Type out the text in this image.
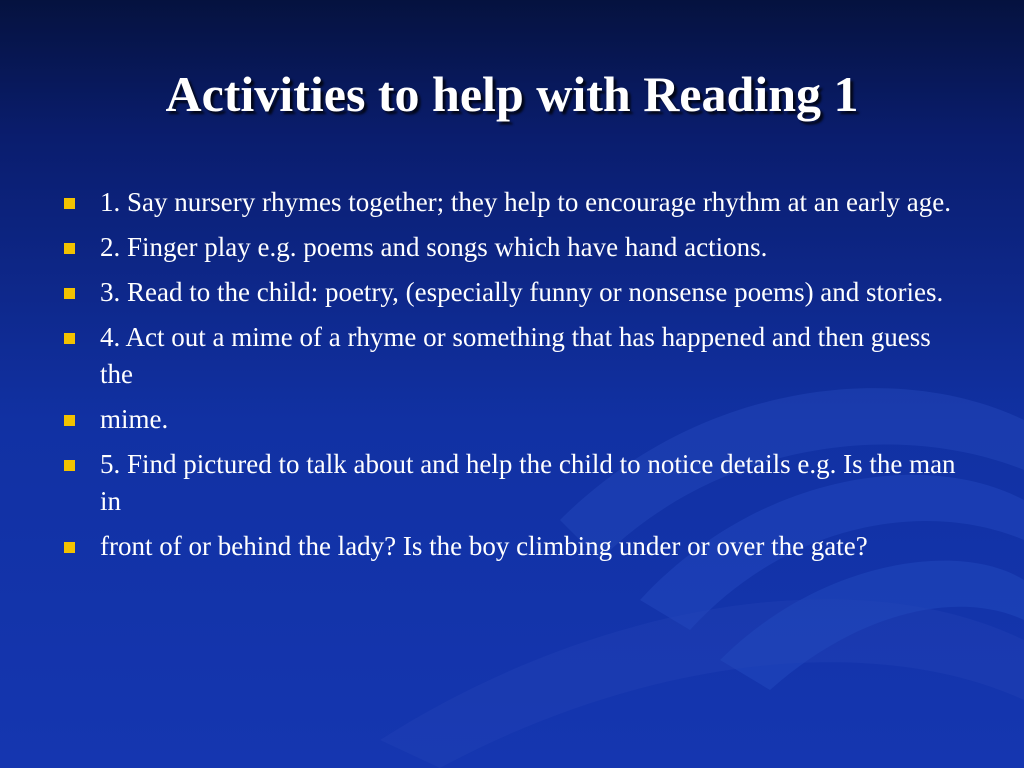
Activities to help with Reading 1
1. Say nursery rhymes together; they help to encourage rhythm at an early age.
2. Finger play e.g. poems and songs which have hand actions.
3. Read to the child: poetry, (especially funny or nonsense poems) and stories.
4. Act out a mime of a rhyme or something that has happened and then guess the
mime.
5. Find pictured to talk about and help the child to notice details e.g. Is the man in
front of or behind the lady? Is the boy climbing under or over the gate?
